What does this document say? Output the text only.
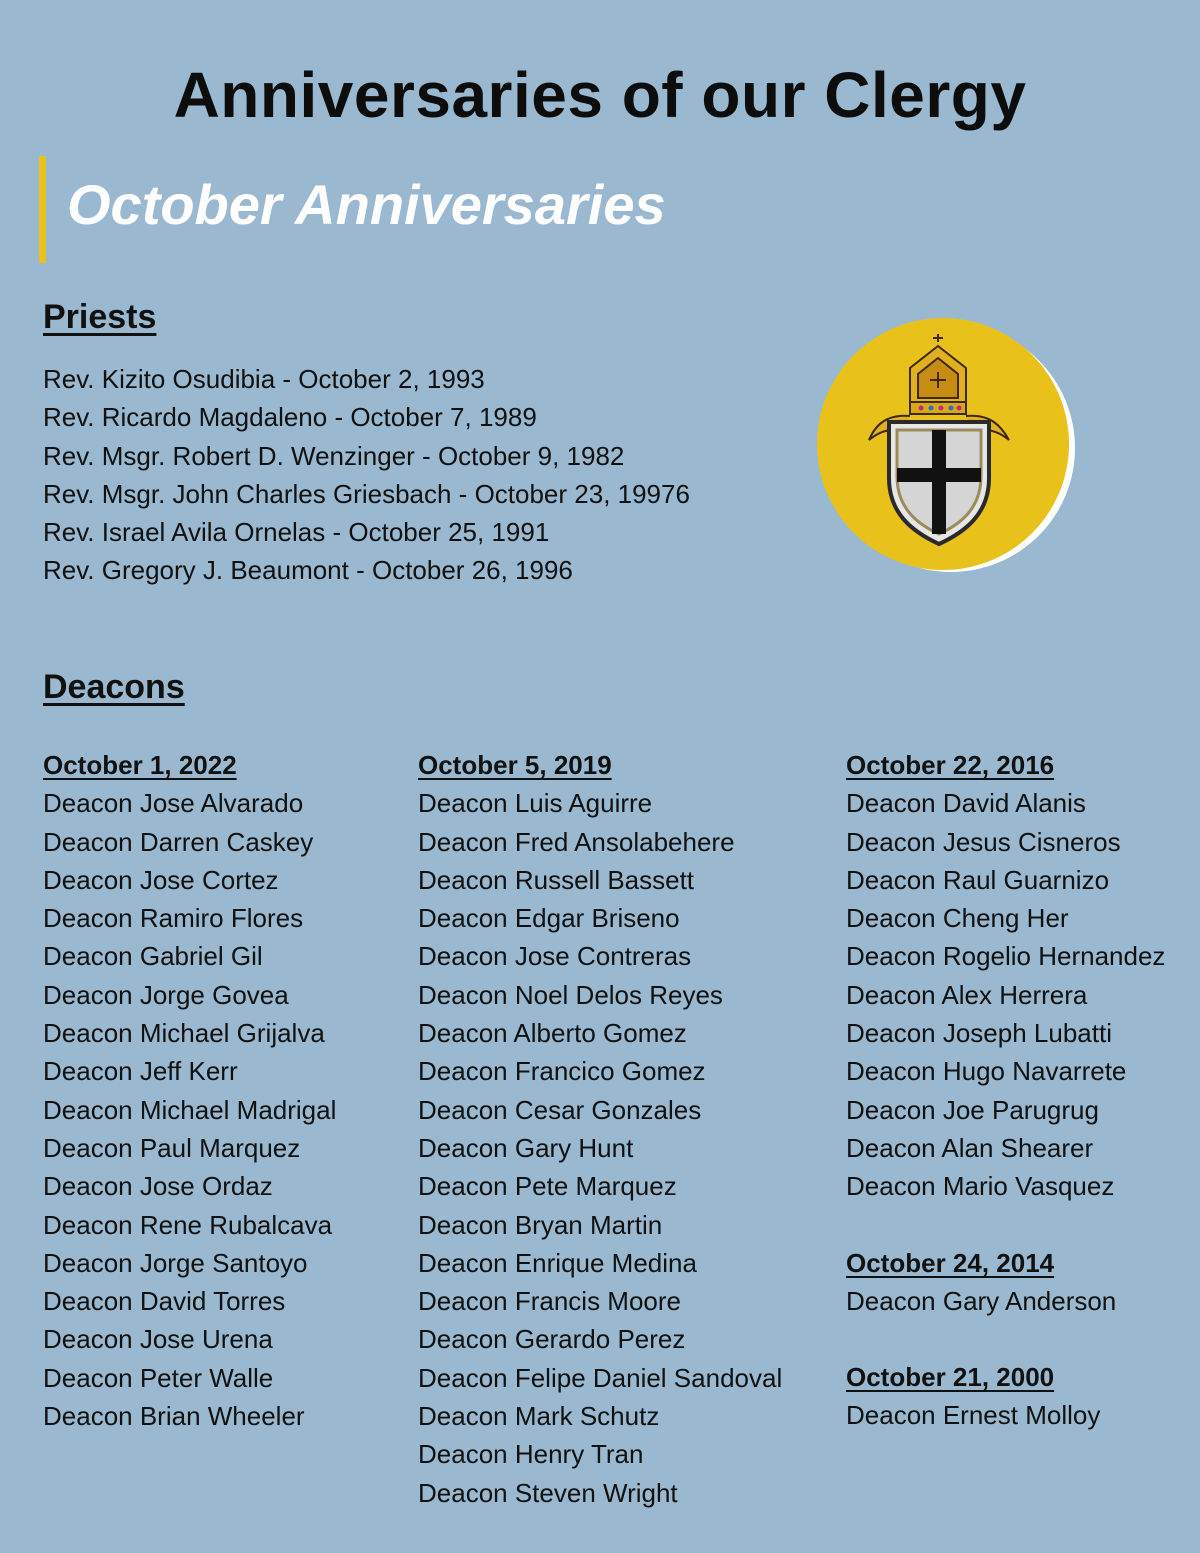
Anniversaries of our Clergy
October Anniversaries
Priests
Rev. Kizito Osudibia - October 2, 1993
Rev. Ricardo Magdaleno - October 7, 1989
Rev. Msgr. Robert D. Wenzinger - October 9, 1982
Rev. Msgr. John Charles Griesbach - October 23, 19976
Rev. Israel Avila Ornelas - October 25, 1991
Rev. Gregory J. Beaumont - October 26, 1996
Deacons
October 1, 2022
Deacon Jose Alvarado
Deacon Darren Caskey
Deacon Jose Cortez
Deacon Ramiro Flores
Deacon Gabriel Gil
Deacon Jorge Govea
Deacon Michael Grijalva
Deacon Jeff Kerr
Deacon Michael Madrigal
Deacon Paul Marquez
Deacon Jose Ordaz
Deacon Rene Rubalcava
Deacon Jorge Santoyo
Deacon David Torres
Deacon Jose Urena
Deacon Peter Walle
Deacon Brian Wheeler
October 5, 2019
Deacon Luis Aguirre
Deacon Fred Ansolabehere
Deacon Russell Bassett
Deacon Edgar Briseno
Deacon Jose Contreras
Deacon Noel Delos Reyes
Deacon Alberto Gomez
Deacon Francico Gomez
Deacon Cesar Gonzales
Deacon Gary Hunt
Deacon Pete Marquez
Deacon Bryan Martin
Deacon Enrique Medina
Deacon Francis Moore
Deacon Gerardo Perez
Deacon Felipe Daniel Sandoval
Deacon Mark Schutz
Deacon Henry Tran
Deacon Steven Wright
October 22, 2016
Deacon David Alanis
Deacon Jesus Cisneros
Deacon Raul Guarnizo
Deacon Cheng Her
Deacon Rogelio Hernandez
Deacon Alex Herrera
Deacon Joseph Lubatti
Deacon Hugo Navarrete
Deacon Joe Parugrug
Deacon Alan Shearer
Deacon Mario Vasquez
October 24, 2014
Deacon Gary Anderson
October 21, 2000
Deacon Ernest Molloy
